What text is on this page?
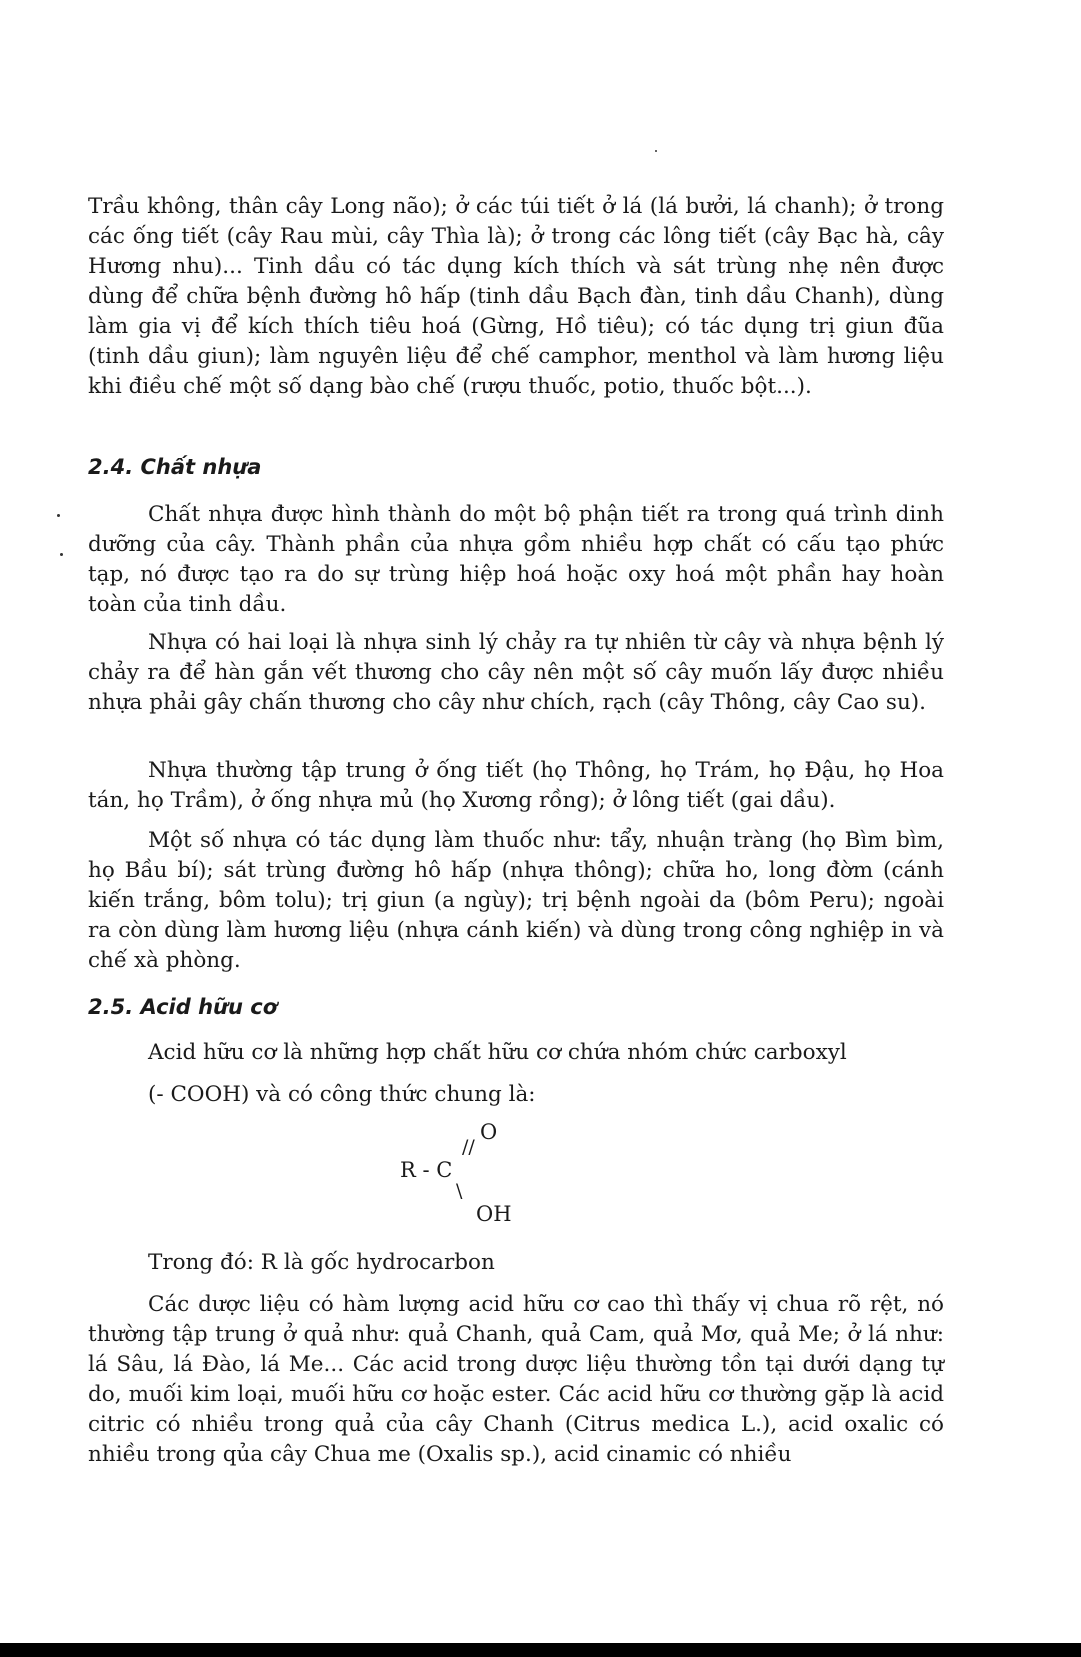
Trầu không, thân cây Long não); ở các túi tiết ở lá (lá bưởi, lá chanh); ở trong các ống tiết (cây Rau mùi, cây Thìa là); ở trong các lông tiết (cây Bạc hà, cây Hương nhu)... Tinh dầu có tác dụng kích thích và sát trùng nhẹ nên được dùng để chữa bệnh đường hô hấp (tinh dầu Bạch đàn, tinh dầu Chanh), dùng làm gia vị để kích thích tiêu hoá (Gừng, Hồ tiêu); có tác dụng trị giun đũa (tinh dầu giun); làm nguyên liệu để chế camphor, menthol và làm hương liệu khi điều chế một số dạng bào chế (rượu thuốc, potio, thuốc bột...).

2.4. Chất nhựa

Chất nhựa được hình thành do một bộ phận tiết ra trong quá trình dinh dưỡng của cây. Thành phần của nhựa gồm nhiều hợp chất có cấu tạo phức tạp, nó được tạo ra do sự trùng hiệp hoá hoặc oxy hoá một phần hay hoàn toàn của tinh dầu.

Nhựa có hai loại là nhựa sinh lý chảy ra tự nhiên từ cây và nhựa bệnh lý chảy ra để hàn gắn vết thương cho cây nên một số cây muốn lấy được nhiều nhựa phải gây chấn thương cho cây như chích, rạch (cây Thông, cây Cao su).

Nhựa thường tập trung ở ống tiết (họ Thông, họ Trám, họ Đậu, họ Hoa tán, họ Trầm), ở ống nhựa mủ (họ Xương rồng); ở lông tiết (gai dầu).

Một số nhựa có tác dụng làm thuốc như: tẩy, nhuận tràng (họ Bìm bìm, họ Bầu bí); sát trùng đường hô hấp (nhựa thông); chữa ho, long đờm (cánh kiến trắng, bôm tolu); trị giun (a ngùy); trị bệnh ngoài da (bôm Peru); ngoài ra còn dùng làm hương liệu (nhựa cánh kiến) và dùng trong công nghiệp in và chế xà phòng.

2.5. Acid hữu cơ
Acid hữu cơ là những hợp chất hữu cơ chứa nhóm chức carboxyl
(- COOH) và có công thức chung là:
O
//
R - C
\
OH
Trong đó: R là gốc hydrocarbon

Các dược liệu có hàm lượng acid hữu cơ cao thì thấy vị chua rõ rệt, nó thường tập trung ở quả như: quả Chanh, quả Cam, quả Mơ, quả Me; ở lá như: lá Sâu, lá Đào, lá Me... Các acid trong dược liệu thường tồn tại dưới dạng tự do, muối kim loại, muối hữu cơ hoặc ester. Các acid hữu cơ thường gặp là acid citric có nhiều trong quả của cây Chanh (Citrus medica L.), acid oxalic có nhiều trong qủa cây Chua me (Oxalis sp.), acid cinamic có nhiều
